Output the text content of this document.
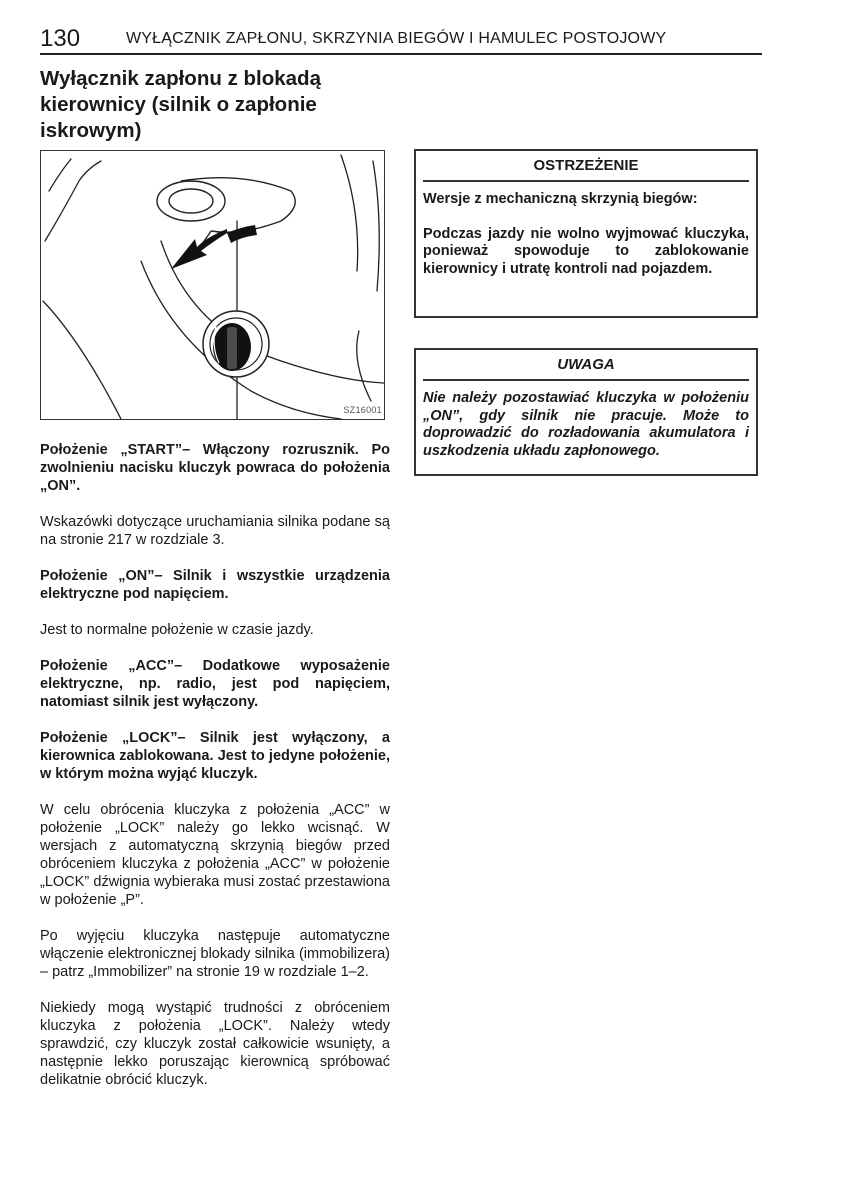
130	WYŁĄCZNIK ZAPŁONU, SKRZYNIA BIEGÓW I HAMULEC POSTOJOWY
Wyłącznik zapłonu z blokadą kierownicy (silnik o zapłonie iskrowym)
SZ16001

Położenie „START”– Włączony rozrusznik. Po zwolnieniu nacisku kluczyk powraca do położenia „ON”.

Wskazówki dotyczące uruchamiania silnika podane są na stronie 217 w rozdziale 3.

Położenie „ON”– Silnik i wszystkie urządzenia elektryczne pod napięciem.

Jest to normalne położenie w czasie jazdy.

Położenie „ACC”– Dodatkowe wyposażenie elektryczne, np. radio, jest pod napięciem, natomiast silnik jest wyłączony.

Położenie „LOCK”– Silnik jest wyłączony, a kierownica zablokowana. Jest to jedyne położenie, w którym można wyjąć kluczyk.

W celu obrócenia kluczyka z położenia „ACC” w położenie „LOCK” należy go lekko wcisnąć. W wersjach z automatyczną skrzynią biegów przed obróceniem kluczyka z położenia „ACC” w położenie „LOCK” dźwignia wybieraka musi zostać przestawiona w położenie „P”.

Po wyjęciu kluczyka następuje automatyczne włączenie elektronicznej blokady silnika (immobilizera) – patrz „Immobilizer” na stronie 19 w rozdziale 1–2.

Niekiedy mogą wystąpić trudności z obróceniem kluczyka z położenia „LOCK”. Należy wtedy sprawdzić, czy kluczyk został całkowicie wsunięty, a następnie lekko poruszając kierownicą spróbować delikatnie obrócić kluczyk.

OSTRZEŻENIE

Wersje z mechaniczną skrzynią biegów:

Podczas jazdy nie wolno wyjmować kluczyka, ponieważ spowoduje to zablokowanie kierownicy i utratę kontroli nad pojazdem.

UWAGA

Nie należy pozostawiać kluczyka w położeniu „ON”, gdy silnik nie pracuje. Może to doprowadzić do rozładowania akumulatora i uszkodzenia układu zapłonowego.
